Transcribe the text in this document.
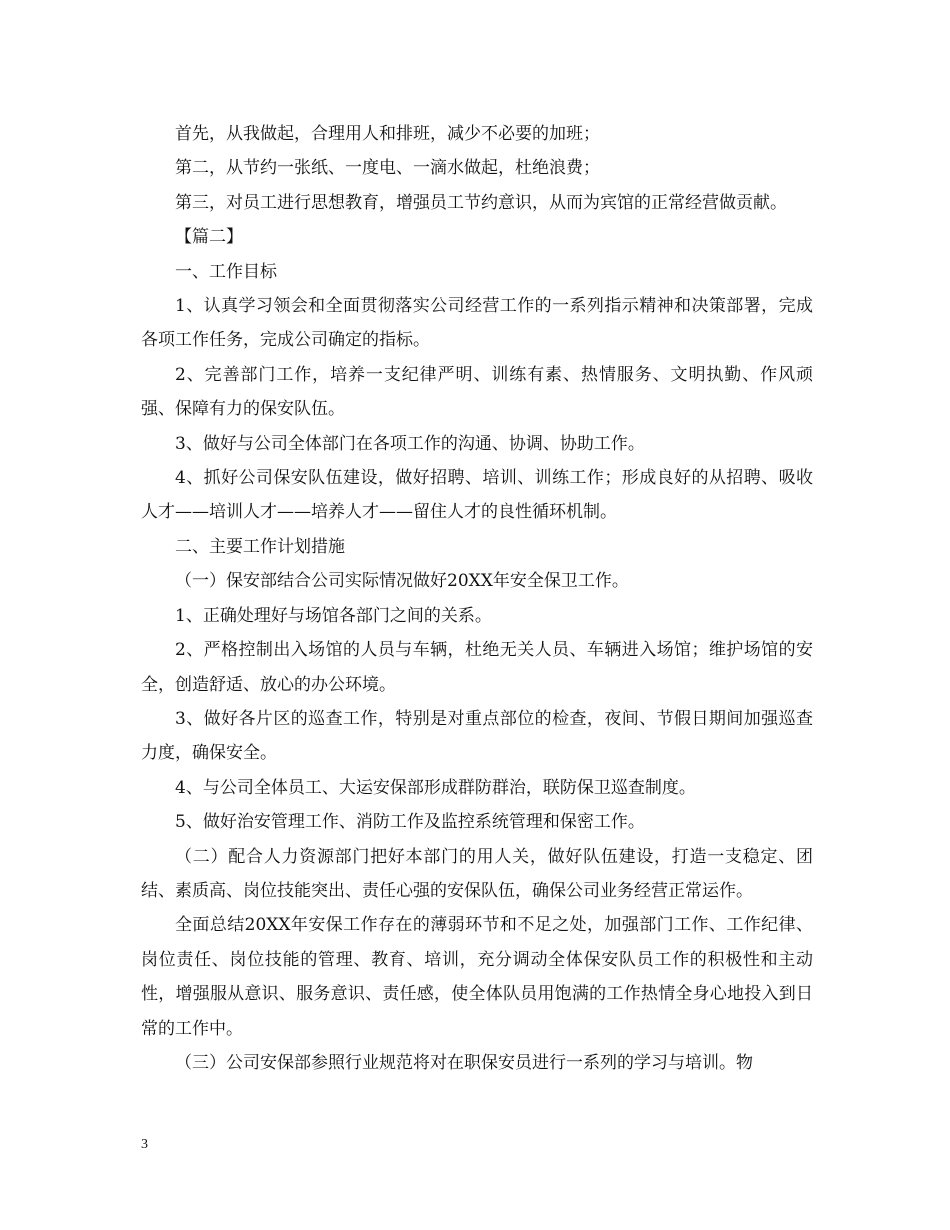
首先，从我做起，合理用人和排班，减少不必要的加班；

第二，从节约一张纸、一度电、一滴水做起，杜绝浪费；

第三，对员工进行思想教育，增强员工节约意识，从而为宾馆的正常经营做贡献。

【篇二】

一、工作目标

1、认真学习领会和全面贯彻落实公司经营工作的一系列指示精神和决策部署，完成各项工作任务，完成公司确定的指标。

2、完善部门工作，培养一支纪律严明、训练有素、热情服务、文明执勤、作风顽强、保障有力的保安队伍。

3、做好与公司全体部门在各项工作的沟通、协调、协助工作。

4、抓好公司保安队伍建设，做好招聘、培训、训练工作；形成良好的从招聘、吸收人才——培训人才——培养人才——留住人才的良性循环机制。

二、主要工作计划措施

（一）保安部结合公司实际情况做好20XX年安全保卫工作。

1、正确处理好与场馆各部门之间的关系。

2、严格控制出入场馆的人员与车辆，杜绝无关人员、车辆进入场馆；维护场馆的安全，创造舒适、放心的办公环境。

3、做好各片区的巡查工作，特别是对重点部位的检查，夜间、节假日期间加强巡查力度，确保安全。

4、与公司全体员工、大运安保部形成群防群治，联防保卫巡查制度。

5、做好治安管理工作、消防工作及监控系统管理和保密工作。

（二）配合人力资源部门把好本部门的用人关，做好队伍建设，打造一支稳定、团结、素质高、岗位技能突出、责任心强的安保队伍，确保公司业务经营正常运作。

全面总结20XX年安保工作存在的薄弱环节和不足之处，加强部门工作、工作纪律、岗位责任、岗位技能的管理、教育、培训，充分调动全体保安队员工作的积极性和主动性，增强服从意识、服务意识、责任感，使全体队员用饱满的工作热情全身心地投入到日常的工作中。

（三）公司安保部参照行业规范将对在职保安员进行一系列的学习与培训。物

3
